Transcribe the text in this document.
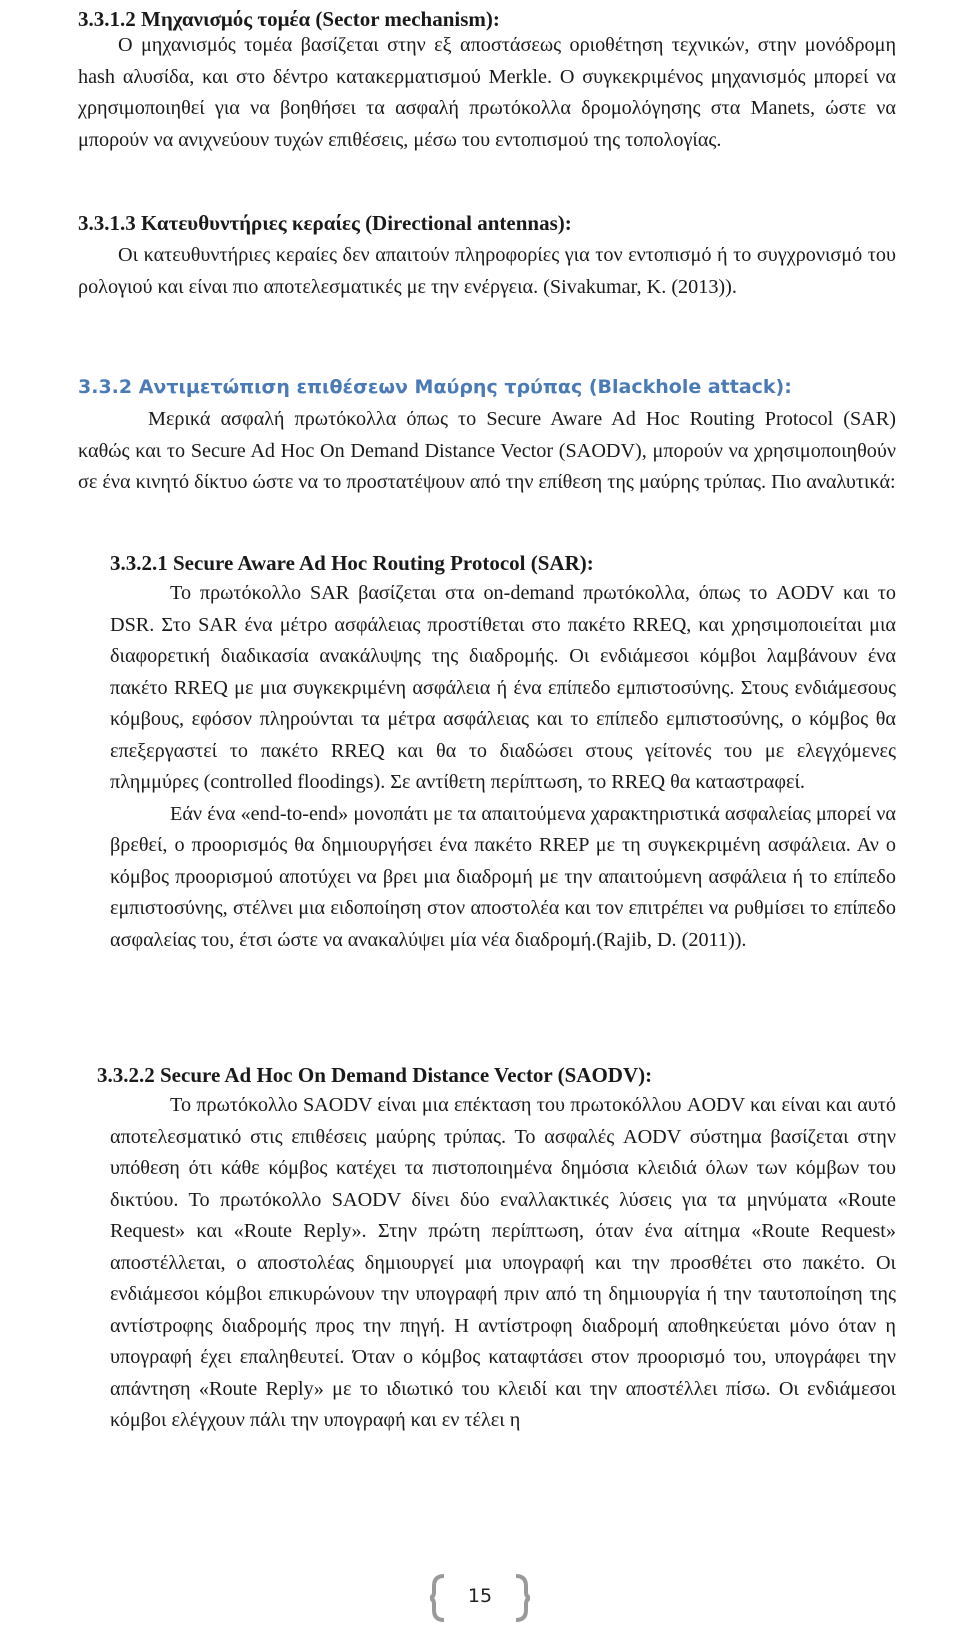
3.3.1.2 Μηχανισμός τομέα (Sector mechanism):

Ο μηχανισμός τομέα βασίζεται στην εξ αποστάσεως οριοθέτηση τεχνικών, στην μονόδρομη hash αλυσίδα, και στο δέντρο κατακερματισμού Merkle. Ο συγκεκριμένος μηχανισμός μπορεί να χρησιμοποιηθεί για να βοηθήσει τα ασφαλή πρωτόκολλα δρομολόγησης στα Manets, ώστε να μπορούν να ανιχνεύουν τυχών επιθέσεις, μέσω του εντοπισμού της τοπολογίας.

3.3.1.3 Κατευθυντήριες κεραίες (Directional antennas):

Οι κατευθυντήριες κεραίες δεν απαιτούν πληροφορίες για τον εντοπισμό ή το συγχρονισμό του ρολογιού και είναι πιο αποτελεσματικές με την ενέργεια. (Sivakumar, K. (2013)).

3.3.2 Αντιμετώπιση επιθέσεων Μαύρης τρύπας (Blackhole attack):

Μερικά ασφαλή πρωτόκολλα όπως το Secure Aware Ad Hoc Routing Protocol (SAR) καθώς και το Secure Ad Hoc On Demand Distance Vector (SAODV), μπορούν να χρησιμοποιηθούν σε ένα κινητό δίκτυο ώστε να το προστατέψουν από την επίθεση της μαύρης τρύπας. Πιο αναλυτικά:

3.3.2.1 Secure Aware Ad Hoc Routing Protocol (SAR):

Το πρωτόκολλο SAR βασίζεται στα on-demand πρωτόκολλα, όπως το AODV και το DSR. Στο SAR ένα μέτρο ασφάλειας προστίθεται στο πακέτο RREQ, και χρησιμοποιείται μια διαφορετική διαδικασία ανακάλυψης της διαδρομής. Οι ενδιάμεσοι κόμβοι λαμβάνουν ένα πακέτο RREQ με μια συγκεκριμένη ασφάλεια ή ένα επίπεδο εμπιστοσύνης. Στους ενδιάμεσους κόμβους, εφόσον πληρούνται τα μέτρα ασφάλειας και το επίπεδο εμπιστοσύνης, ο κόμβος θα επεξεργαστεί το πακέτο RREQ και θα το διαδώσει στους γείτονές του με ελεγχόμενες πλημμύρες (controlled floodings). Σε αντίθετη περίπτωση, το RREQ θα καταστραφεί.

Εάν ένα «end-to-end» μονοπάτι με τα απαιτούμενα χαρακτηριστικά ασφαλείας μπορεί να βρεθεί, ο προορισμός θα δημιουργήσει ένα πακέτο RREP με τη συγκεκριμένη ασφάλεια. Αν ο κόμβος προορισμού αποτύχει να βρει μια διαδρομή με την απαιτούμενη ασφάλεια ή το επίπεδο εμπιστοσύνης, στέλνει μια ειδοποίηση στον αποστολέα και τον επιτρέπει να ρυθμίσει το επίπεδο ασφαλείας του, έτσι ώστε να ανακαλύψει μία νέα διαδρομή.(Rajib, D. (2011)).

3.3.2.2 Secure Ad Hoc On Demand Distance Vector (SAODV):

Το πρωτόκολλο SAODV είναι μια επέκταση του πρωτοκόλλου AODV και είναι και αυτό αποτελεσματικό στις επιθέσεις μαύρης τρύπας. Το ασφαλές AODV σύστημα βασίζεται στην υπόθεση ότι κάθε κόμβος κατέχει τα πιστοποιημένα δημόσια κλειδιά όλων των κόμβων του δικτύου. Το πρωτόκολλο SAODV δίνει δύο εναλλακτικές λύσεις για τα μηνύματα «Route Request» και «Route Reply». Στην πρώτη περίπτωση, όταν ένα αίτημα «Route Request» αποστέλλεται, ο αποστολέας δημιουργεί μια υπογραφή και την προσθέτει στο πακέτο. Οι ενδιάμεσοι κόμβοι επικυρώνουν την υπογραφή πριν από τη δημιουργία ή την ταυτοποίηση της αντίστροφης διαδρομής προς την πηγή. Η αντίστροφη διαδρομή αποθηκεύεται μόνο όταν η υπογραφή έχει επαληθευτεί. Όταν ο κόμβος καταφτάσει στον προορισμό του, υπογράφει την απάντηση «Route Reply» με το ιδιωτικό του κλειδί και την αποστέλλει πίσω. Οι ενδιάμεσοι κόμβοι ελέγχουν πάλι την υπογραφή και εν τέλει η

15
